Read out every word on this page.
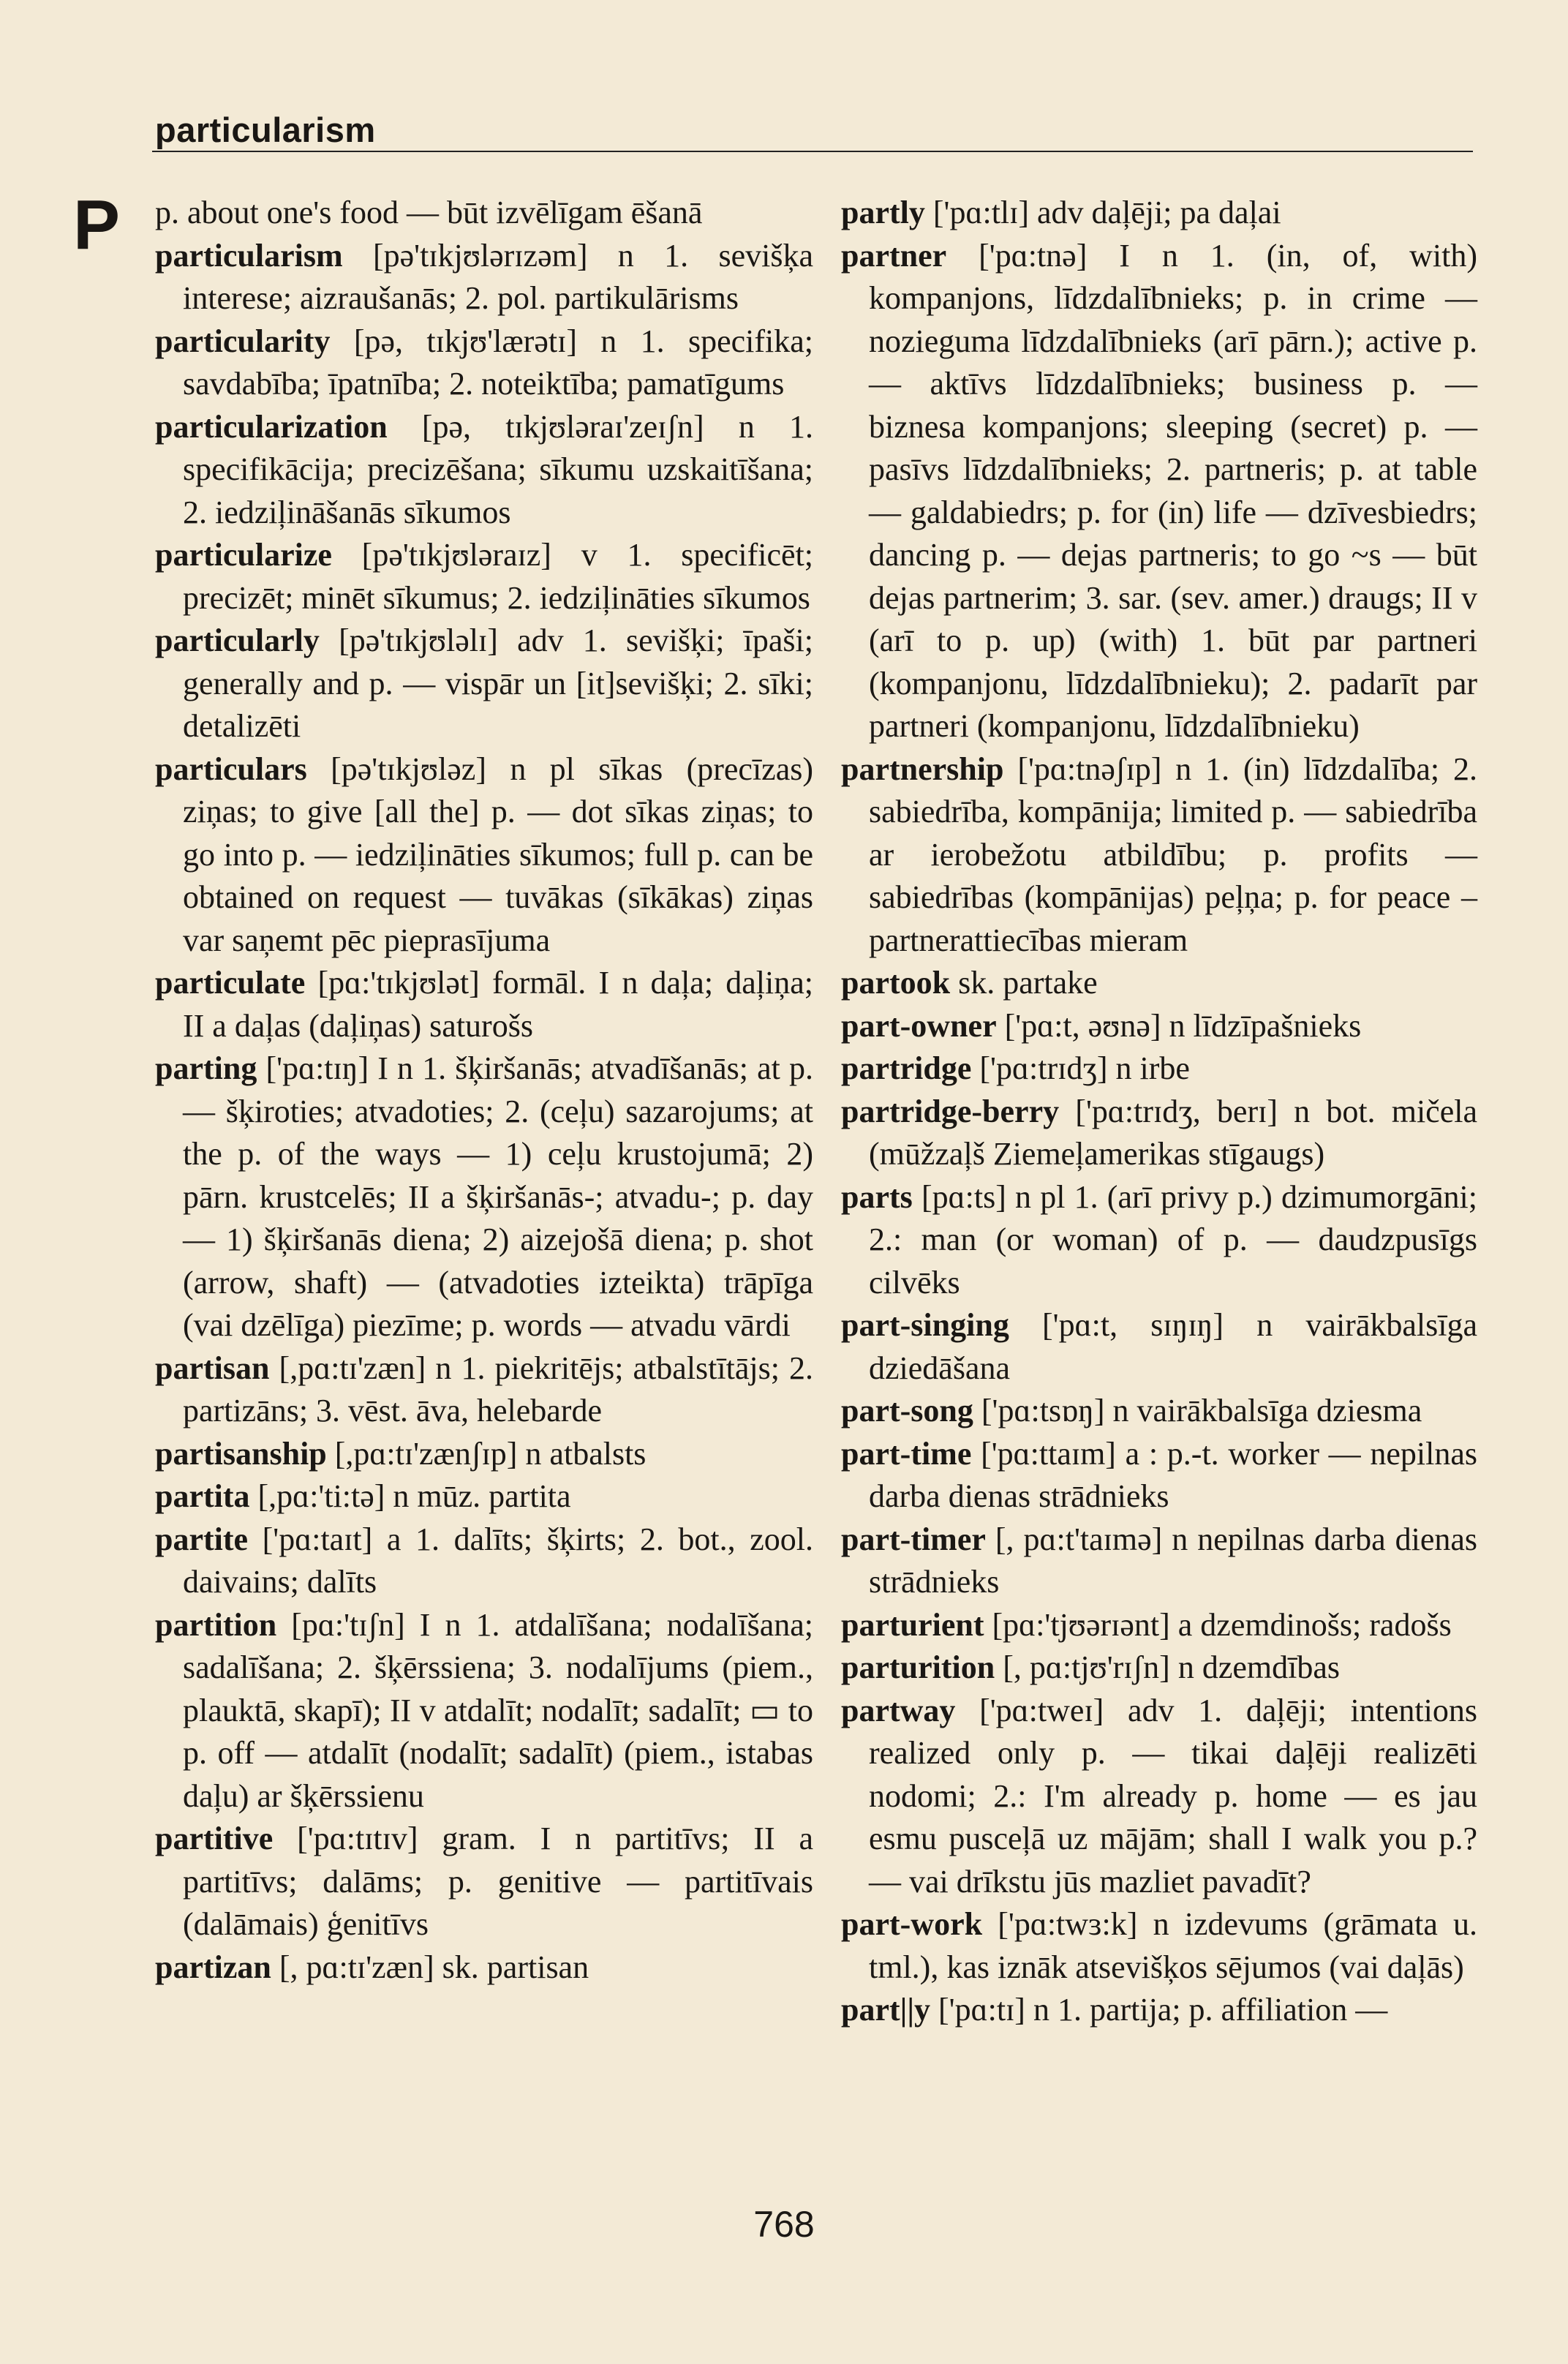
particularism
P p. about one's food — būt izvēlīgam ēšanā

particularism [pə'tɪkjʊlərɪzəm] n 1. sevišķa interese; aizraušanās; 2. pol. partikulārisms

particularity [pə, tɪkjʊ'lærətɪ] n 1. specifika; savdabība; īpatnība; 2. noteiktība; pamatīgums

particularization [pə, tɪkjʊləraɪ'zeɪʃn] n 1. specifikācija; precizēšana; sīkumu uzskaitīšana; 2. iedziļināšanās sīkumos

particularize [pə'tɪkjʊləraɪz] v 1. specificēt; precizēt; minēt sīkumus; 2. iedziļināties sīkumos

particularly [pə'tɪkjʊləlɪ] adv 1. sevišķi; īpaši; generally and p. — vispār un [it]sevišķi; 2. sīki; detalizēti

particulars [pə'tɪkjʊləz] n pl sīkas (precīzas) ziņas; to give [all the] p. — dot sīkas ziņas; to go into p. — iedziļināties sīkumos; full p. can be obtained on request — tuvākas (sīkākas) ziņas var saņemt pēc pieprasījuma

particulate [pɑ:'tɪkjʊlət] formāl. I n daļa; daļiņa; II a daļas (daļiņas) saturošs

parting ['pɑ:tɪŋ] I n 1. šķiršanās; atvadīšanās; at p. — šķiroties; atvadoties; 2. (ceļu) sazarojums; at the p. of the ways — 1) ceļu krustojumā; 2) pārn. krustcelēs; II a šķiršanās-; atvadu-; p. day — 1) šķiršanās diena; 2) aizejošā diena; p. shot (arrow, shaft) — (atvadoties izteikta) trāpīga (vai dzēlīga) piezīme; p. words — atvadu vārdi

partisan [,pɑ:tɪ'zæn] n 1. piekritējs; atbalstītājs; 2. partizāns; 3. vēst. āva, helebarde

partisanship [,pɑ:tɪ'zænʃɪp] n atbalsts

partita [,pɑ:'ti:tə] n mūz. partita

partite ['pɑ:taɪt] a 1. dalīts; šķirts; 2. bot., zool. daivains; dalīts

partition [pɑ:'tɪʃn] I n 1. atdalīšana; nodalīšana; sadalīšana; 2. šķērssiena; 3. nodalījums (piem., plauktā, skapī); II v atdalīt; nodalīt; sadalīt; ▭ to p. off — atdalīt (nodalīt; sadalīt) (piem., istabas daļu) ar šķērssienu

partitive ['pɑ:tɪtɪv] gram. I n partitīvs; II a partitīvs; dalāms; p. genitive — partitīvais (dalāmais) ģenitīvs

partizan [, pɑ:tɪ'zæn] sk. partisan

partly ['pɑ:tlɪ] adv daļēji; pa daļai

partner ['pɑ:tnə] I n 1. (in, of, with) kompanjons, līdzdalībnieks; p. in crime — nozieguma līdzdalībnieks (arī pārn.); active p. — aktīvs līdzdalībnieks; business p. — biznesa kompanjons; sleeping (secret) p. — pasīvs līdzdalībnieks; 2. partneris; p. at table — galdabiedrs; p. for (in) life — dzīvesbiedrs; dancing p. — dejas partneris; to go ~s — būt dejas partnerim; 3. sar. (sev. amer.) draugs; II v (arī to p. up) (with) 1. būt par partneri (kompanjonu, līdzdalībnieku); 2. padarīt par partneri (kompanjonu, līdzdalībnieku)

partnership ['pɑ:tnəʃɪp] n 1. (in) līdzdalība; 2. sabiedrība, kompānija; limited p. — sabiedrība ar ierobežotu atbildību; p. profits — sabiedrības (kompānijas) peļņa; p. for peace – partnerattiecības mieram

partook sk. partake

part-owner ['pɑ:t, əʊnə] n līdzīpašnieks

partridge ['pɑ:trɪdʒ] n irbe

partridge-berry ['pɑ:trɪdʒ, berɪ] n bot. mičela (mūžzaļš Ziemeļamerikas stīgaugs)

parts [pɑ:ts] n pl 1. (arī privy p.) dzimumorgāni; 2.: man (or woman) of p. — daudzpusīgs cilvēks

part-singing ['pɑ:t, sɪŋɪŋ] n vairākbalsīga dziedāšana

part-song ['pɑ:tsɒŋ] n vairākbalsīga dziesma

part-time ['pɑ:ttaɪm] a : p.-t. worker — nepilnas darba dienas strādnieks

part-timer [, pɑ:t'taɪmə] n nepilnas darba dienas strādnieks

parturient [pɑ:'tjʊərɪənt] a dzemdinošs; radošs

parturition [, pɑ:tjʊ'rɪʃn] n dzemdības

partway ['pɑ:tweɪ] adv 1. daļēji; intentions realized only p. — tikai daļēji realizēti nodomi; 2.: I'm already p. home — es jau esmu pusceļā uz mājām; shall I walk you p.? — vai drīkstu jūs mazliet pavadīt?

part-work ['pɑ:twɜ:k] n izdevums (grāmata u. tml.), kas iznāk atsevišķos sējumos (vai daļās)

part||y ['pɑ:tɪ] n 1. partija; p. affiliation —

768
